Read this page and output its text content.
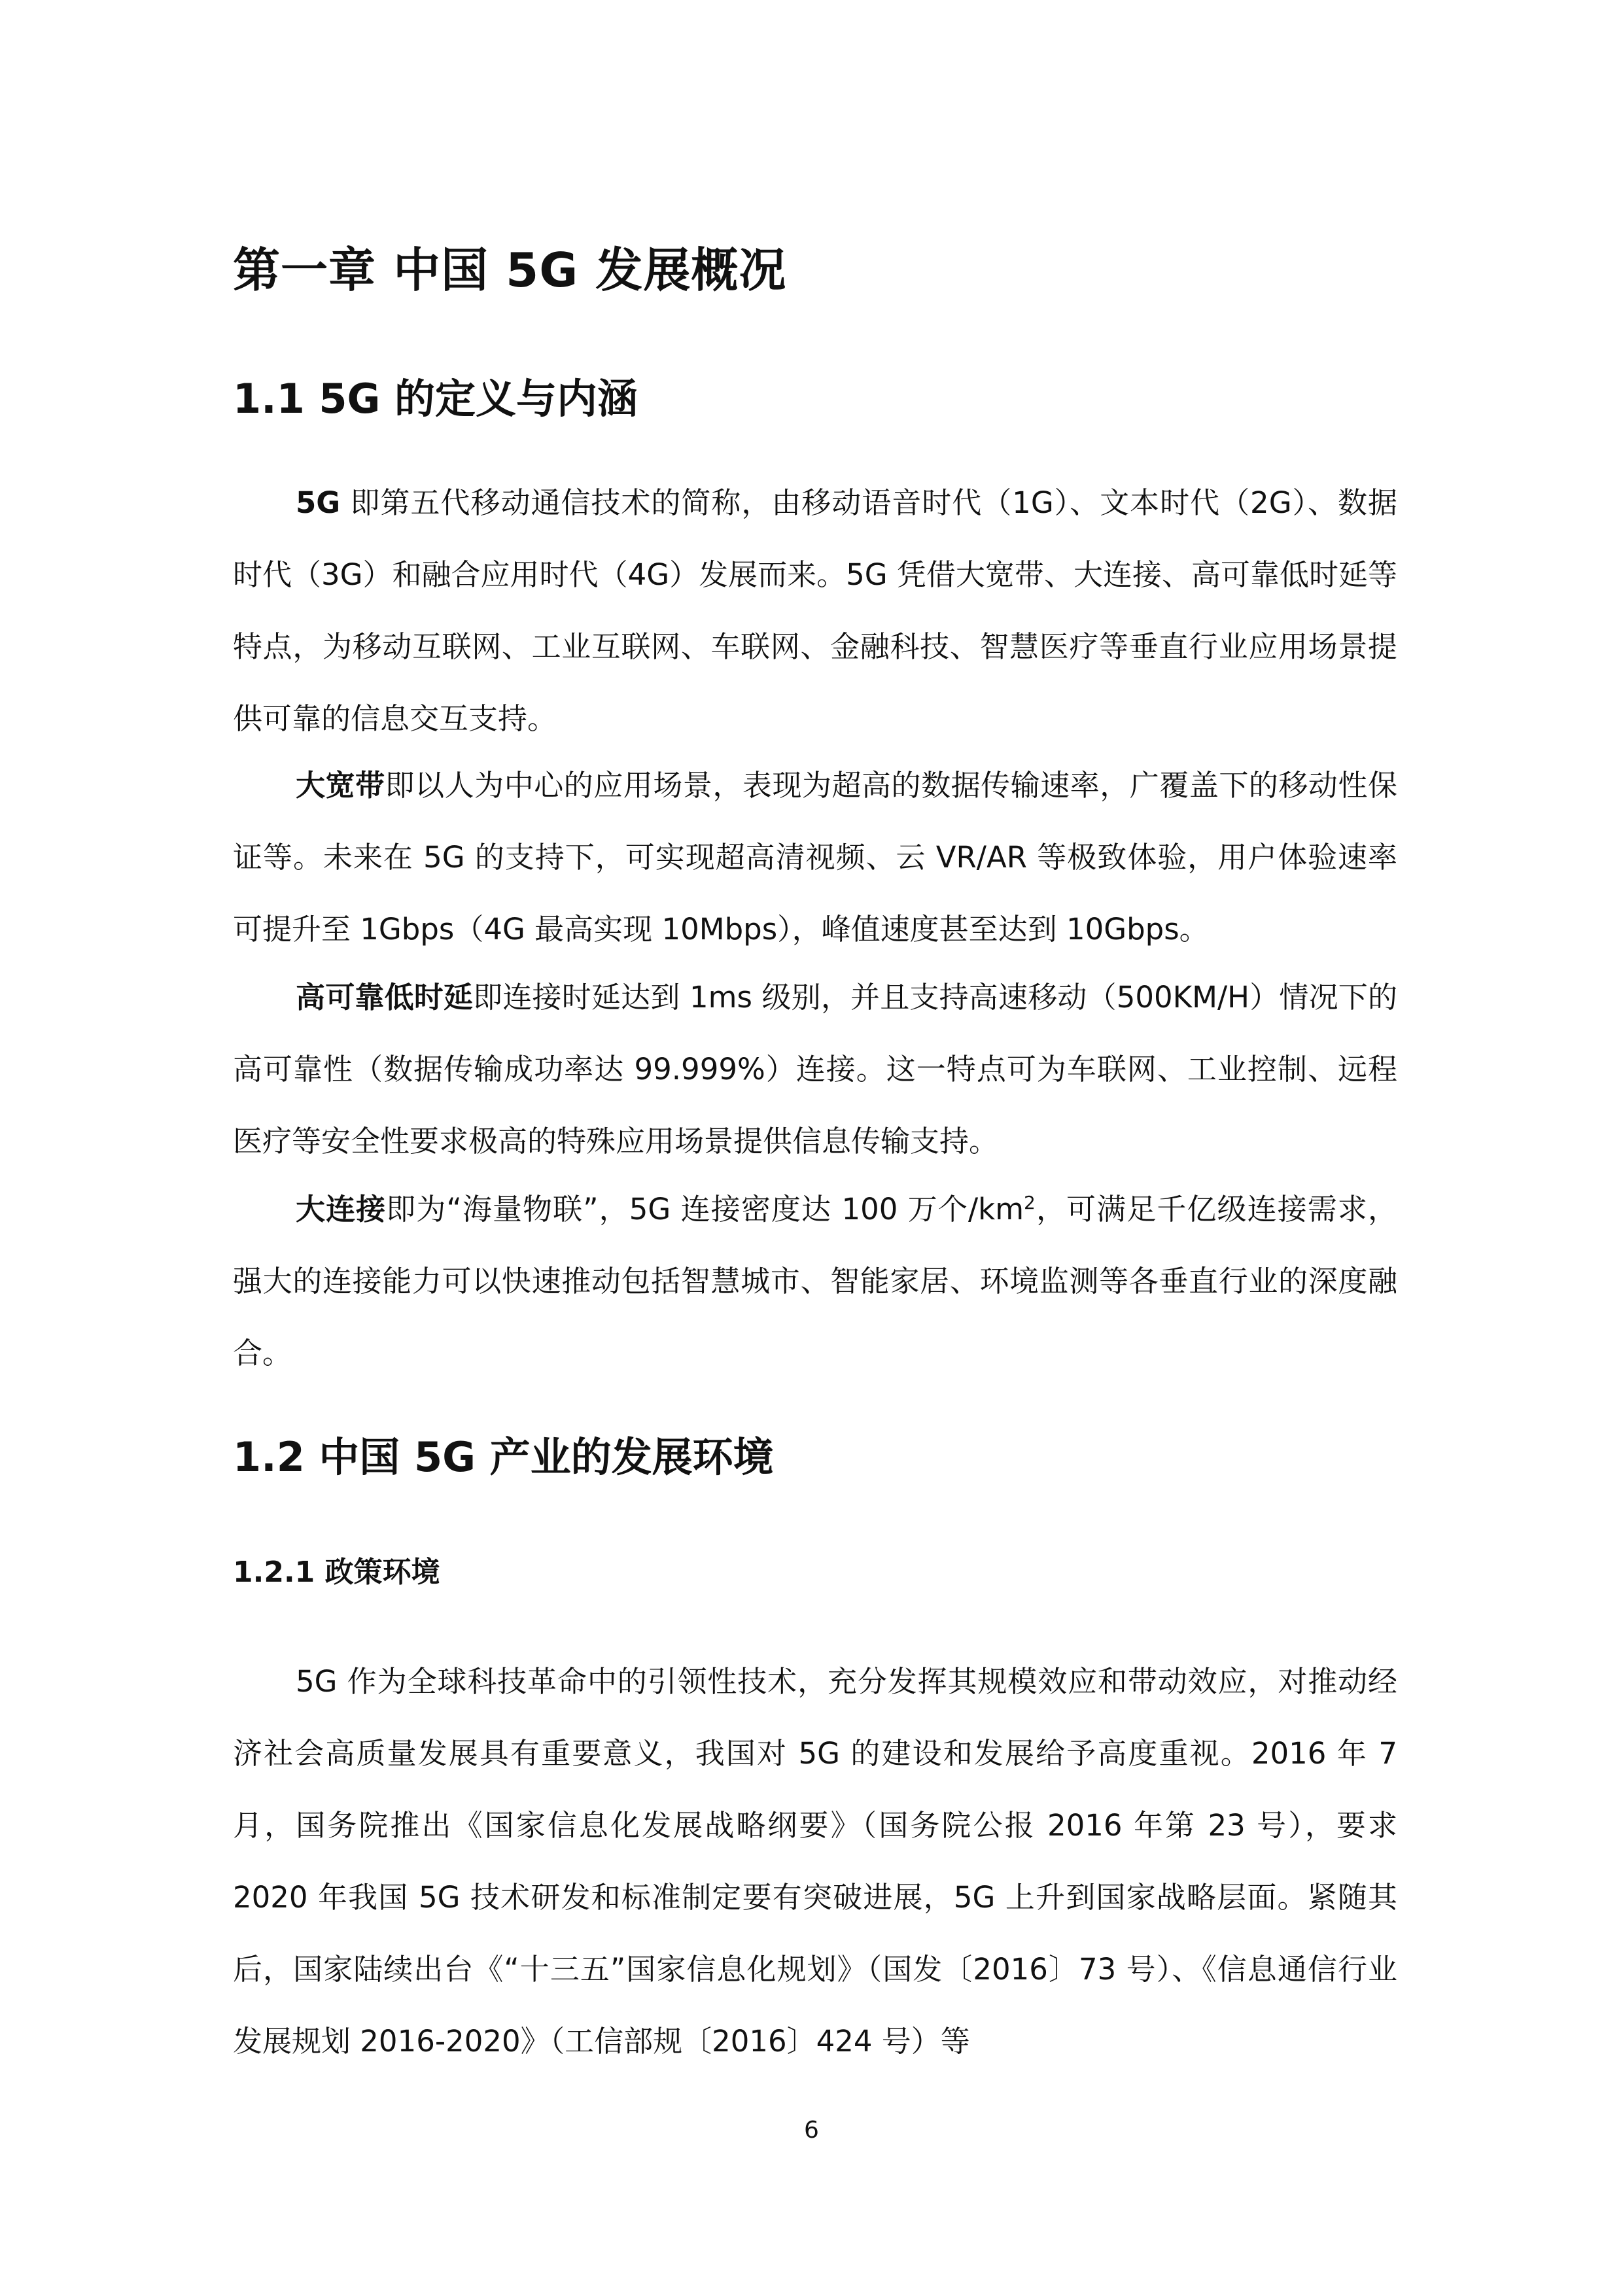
第一章 中国 5G 发展概况
1.1 5G 的定义与内涵

5G 即第五代移动通信技术的简称，由移动语音时代（1G）、文本时代（2G）、数据时代（3G）和融合应用时代（4G）发展而来。5G 凭借大宽带、大连接、高可靠低时延等特点，为移动互联网、工业互联网、车联网、金融科技、智慧医疗等垂直行业应用场景提供可靠的信息交互支持。

大宽带即以人为中心的应用场景，表现为超高的数据传输速率，广覆盖下的移动性保证等。未来在 5G 的支持下，可实现超高清视频、云 VR/AR 等极致体验，用户体验速率可提升至 1Gbps（4G 最高实现 10Mbps），峰值速度甚至达到 10Gbps。

高可靠低时延即连接时延达到 1ms 级别，并且支持高速移动（500KM/H）情况下的高可靠性（数据传输成功率达 99.999%）连接。这一特点可为车联网、工业控制、远程医疗等安全性要求极高的特殊应用场景提供信息传输支持。

大连接即为“海量物联”，5G 连接密度达 100 万个$/km^2$，可满足千亿级连接需求，强大的连接能力可以快速推动包括智慧城市、智能家居、环境监测等各垂直行业的深度融合。

1.2 中国 5G 产业的发展环境
1.2.1 政策环境

5G 作为全球科技革命中的引领性技术，充分发挥其规模效应和带动效应，对推动经济社会高质量发展具有重要意义，我国对 5G 的建设和发展给予高度重视。2016 年 7 月，国务院推出《国家信息化发展战略纲要》（国务院公报 2016 年第 23 号），要求 2020 年我国 5G 技术研发和标准制定要有突破进展，5G 上升到国家战略层面。紧随其后，国家陆续出台《“十三五”国家信息化规划》（国发〔2016〕73 号）、《信息通信行业发展规划 2016-2020》（工信部规〔2016〕424 号）等

6
